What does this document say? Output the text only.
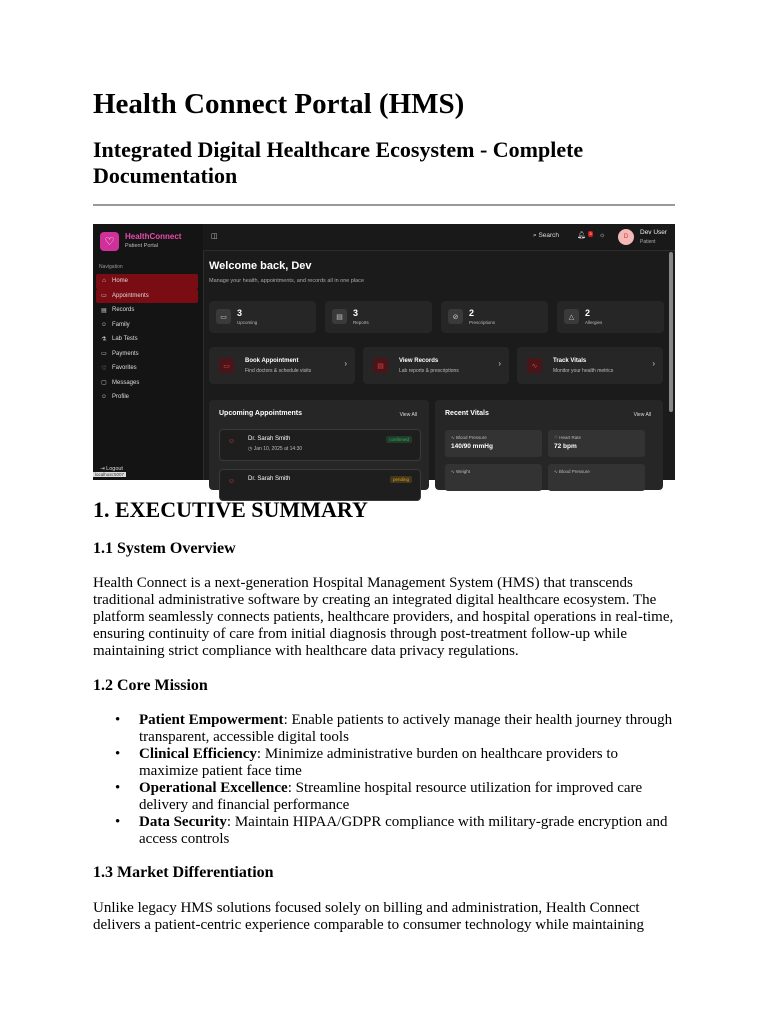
Health Connect Portal (HMS)
Integrated Digital Healthcare Ecosystem - Complete Documentation
♡	HealthConnect
Patient Portal
Navigation
⌂	Home
▭ Appointments
▤ Records
☺ Family
⚗ Lab Tests
▭ Payments
♡ Favorites
▢ Messages
☺ Profile
⇥ Logout
localhost:5007
◫	⌕ Search	🔔︎ 3 ☼	D
Dev User
Patient
Welcome back, Dev
Manage your health, appointments, and records all in one place
▭	3
Upcoming
▤	3
Reports
⊘	2
Prescriptions
△	2
Allergies
▭
Book Appointment
Find doctors & schedule visits
›	▤
View Records
Lab reports & prescriptions
›	∿
Track Vitals
Monitor your health metrics
›
Upcoming Appointments	View All
☺ Dr. Sarah Smith
◷ Jan 10, 2025 at 14:30
confirmed
☺ Dr. Sarah Smith	pending
Recent Vitals	View All
∿ Blood Pressure
140/90 mmHg
♡ Heart Rate
72 bpm
∿ Weight	∿ Blood Pressure
1. EXECUTIVE SUMMARY
1.1 System Overview

Health Connect is a next-generation Hospital Management System (HMS) that transcends traditional administrative software by creating an integrated digital healthcare ecosystem. The platform seamlessly connects patients, healthcare providers, and hospital operations in real-time, ensuring continuity of care from initial diagnosis through post-treatment follow-up while maintaining strict compliance with healthcare data privacy regulations.

1.2 Core Mission
• Patient Empowerment: Enable patients to actively manage their health journey through transparent, accessible digital tools
• Clinical Efficiency: Minimize administrative burden on healthcare providers to maximize patient face time
• Operational Excellence: Streamline hospital resource utilization for improved care delivery and financial performance
• Data Security: Maintain HIPAA/GDPR compliance with military-grade encryption and access controls
1.3 Market Differentiation

Unlike legacy HMS solutions focused solely on billing and administration, Health Connect delivers a patient-centric experience comparable to consumer technology while maintaining
